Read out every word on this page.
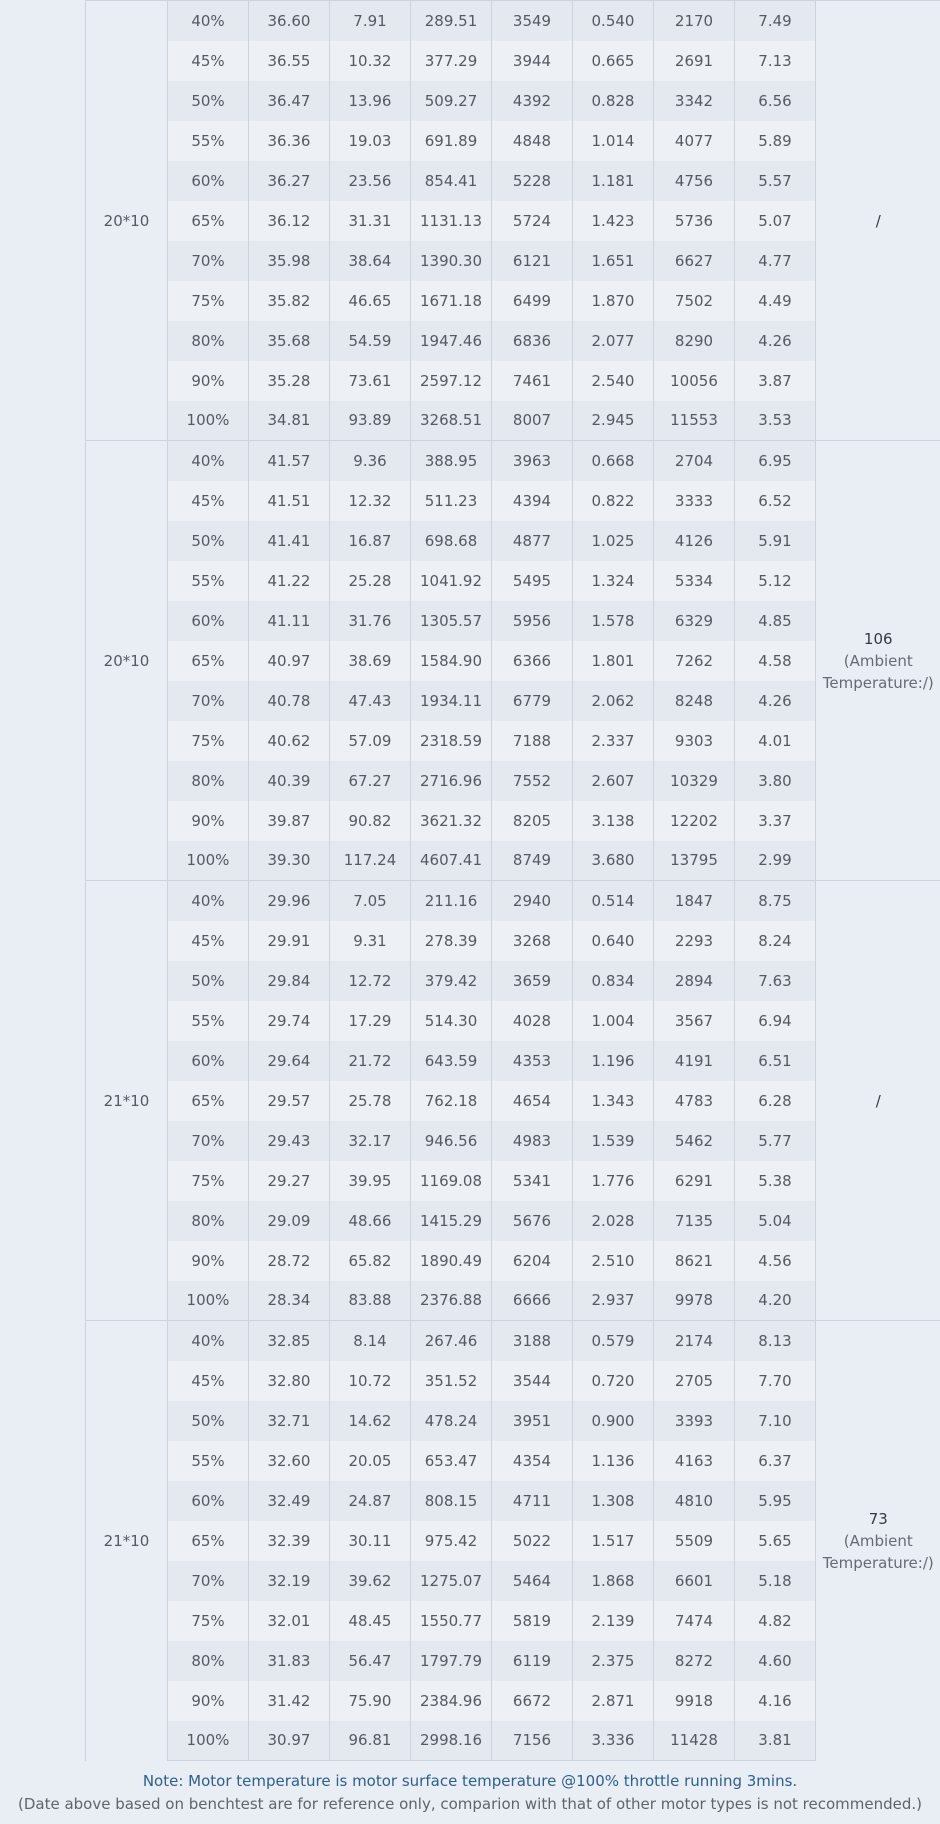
20*10	40%	36.60	7.91	289.51	3549	0.540	2170	7.49	/

	45%	36.55	10.32	377.29	3944	0.665	2691	7.13	
	50%	36.47	13.96	509.27	4392	0.828	3342	6.56	
	55%	36.36	19.03	691.89	4848	1.014	4077	5.89	
	60%	36.27	23.56	854.41	5228	1.181	4756	5.57	
	65%	36.12	31.31	1131.13	5724	1.423	5736	5.07	
	70%	35.98	38.64	1390.30	6121	1.651	6627	4.77	
	75%	35.82	46.65	1671.18	6499	1.870	7502	4.49	
	80%	35.68	54.59	1947.46	6836	2.077	8290	4.26	
	90%	35.28	73.61	2597.12	7461	2.540	10056	3.87	
	100%	34.81	93.89	3268.51	8007	2.945	11553	3.53	
20*10	40%	41.57	9.36	388.95	3963	0.668	2704	6.95	106
(Ambient Temperature:/)

	45%	41.51	12.32	511.23	4394	0.822	3333	6.52	
	50%	41.41	16.87	698.68	4877	1.025	4126	5.91	
	55%	41.22	25.28	1041.92	5495	1.324	5334	5.12	
	60%	41.11	31.76	1305.57	5956	1.578	6329	4.85	
	65%	40.97	38.69	1584.90	6366	1.801	7262	4.58	
	70%	40.78	47.43	1934.11	6779	2.062	8248	4.26	
	75%	40.62	57.09	2318.59	7188	2.337	9303	4.01	
	80%	40.39	67.27	2716.96	7552	2.607	10329	3.80	
	90%	39.87	90.82	3621.32	8205	3.138	12202	3.37	
	100%	39.30	117.24	4607.41	8749	3.680	13795	2.99	
21*10	40%	29.96	7.05	211.16	2940	0.514	1847	8.75	/

	45%	29.91	9.31	278.39	3268	0.640	2293	8.24	
	50%	29.84	12.72	379.42	3659	0.834	2894	7.63	
	55%	29.74	17.29	514.30	4028	1.004	3567	6.94	
	60%	29.64	21.72	643.59	4353	1.196	4191	6.51	
	65%	29.57	25.78	762.18	4654	1.343	4783	6.28	
	70%	29.43	32.17	946.56	4983	1.539	5462	5.77	
	75%	29.27	39.95	1169.08	5341	1.776	6291	5.38	
	80%	29.09	48.66	1415.29	5676	2.028	7135	5.04	
	90%	28.72	65.82	1890.49	6204	2.510	8621	4.56	
	100%	28.34	83.88	2376.88	6666	2.937	9978	4.20	
21*10	40%	32.85	8.14	267.46	3188	0.579	2174	8.13	73
(Ambient Temperature:/)

	45%	32.80	10.72	351.52	3544	0.720	2705	7.70	
	50%	32.71	14.62	478.24	3951	0.900	3393	7.10	
	55%	32.60	20.05	653.47	4354	1.136	4163	6.37	
	60%	32.49	24.87	808.15	4711	1.308	4810	5.95	
	65%	32.39	30.11	975.42	5022	1.517	5509	5.65	
	70%	32.19	39.62	1275.07	5464	1.868	6601	5.18	
	75%	32.01	48.45	1550.77	5819	2.139	7474	4.82	
	80%	31.83	56.47	1797.79	6119	2.375	8272	4.60	
	90%	31.42	75.90	2384.96	6672	2.871	9918	4.16	
	100%	30.97	96.81	2998.16	7156	3.336	11428	3.81	
Note: Motor temperature is motor surface temperature @100% throttle running 3mins.
(Date above based on benchtest are for reference only, comparion with that of other motor types is not recommended.)
